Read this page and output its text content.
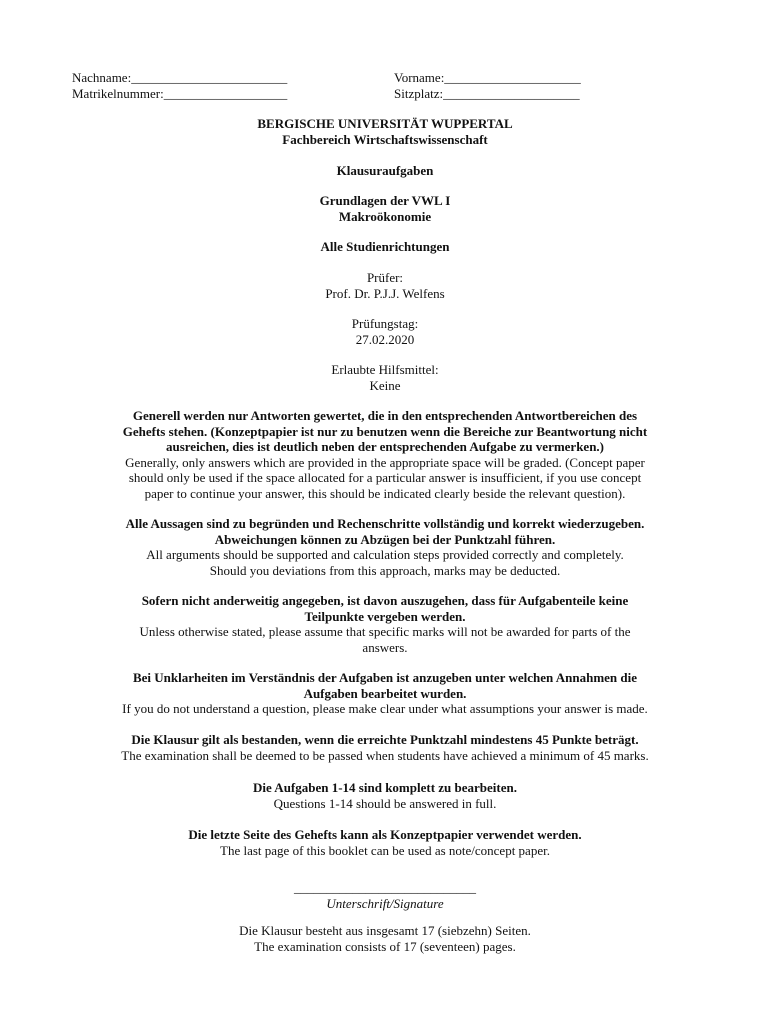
Nachname:________________________
Matrikelnummer:___________________
Vorname:_____________________
Sitzplatz:_____________________

BERGISCHE UNIVERSITÄT WUPPERTAL

Fachbereich Wirtschaftswissenschaft

Klausuraufgaben

Grundlagen der VWL I

Makroökonomie

Alle Studienrichtungen

Prüfer:

Prof. Dr. P.J.J. Welfens

Prüfungstag:

27.02.2020

Erlaubte Hilfsmittel:

Keine

Generell werden nur Antworten gewertet, die in den entsprechenden Antwortbereichen des

Gehefts stehen. (Konzeptpapier ist nur zu benutzen wenn die Bereiche zur Beantwortung nicht

ausreichen, dies ist deutlich neben der entsprechenden Aufgabe zu vermerken.)

Generally, only answers which are provided in the appropriate space will be graded. (Concept paper

should only be used if the space allocated for a particular answer is insufficient, if you use concept

paper to continue your answer, this should be indicated clearly beside the relevant question).

Alle Aussagen sind zu begründen und Rechenschritte vollständig und korrekt wiederzugeben.

Abweichungen können zu Abzügen bei der Punktzahl führen.

All arguments should be supported and calculation steps provided correctly and completely.

Should you deviations from this approach, marks may be deducted.

Sofern nicht anderweitig angegeben, ist davon auszugehen, dass für Aufgabenteile keine

Teilpunkte vergeben werden.

Unless otherwise stated, please assume that specific marks will not be awarded for parts of the

answers.

Bei Unklarheiten im Verständnis der Aufgaben ist anzugeben unter welchen Annahmen die

Aufgaben bearbeitet wurden.

If you do not understand a question, please make clear under what assumptions your answer is made.

Die Klausur gilt als bestanden, wenn die erreichte Punktzahl mindestens 45 Punkte beträgt.

The examination shall be deemed to be passed when students have achieved a minimum of 45 marks.

Die Aufgaben 1-14 sind komplett zu bearbeiten.

Questions 1-14 should be answered in full.

Die letzte Seite des Gehefts kann als Konzeptpapier verwendet werden.

The last page of this booklet can be used as note/concept paper.

____________________________

Unterschrift/Signature

Die Klausur besteht aus insgesamt 17 (siebzehn) Seiten.

The examination consists of 17 (seventeen) pages.
